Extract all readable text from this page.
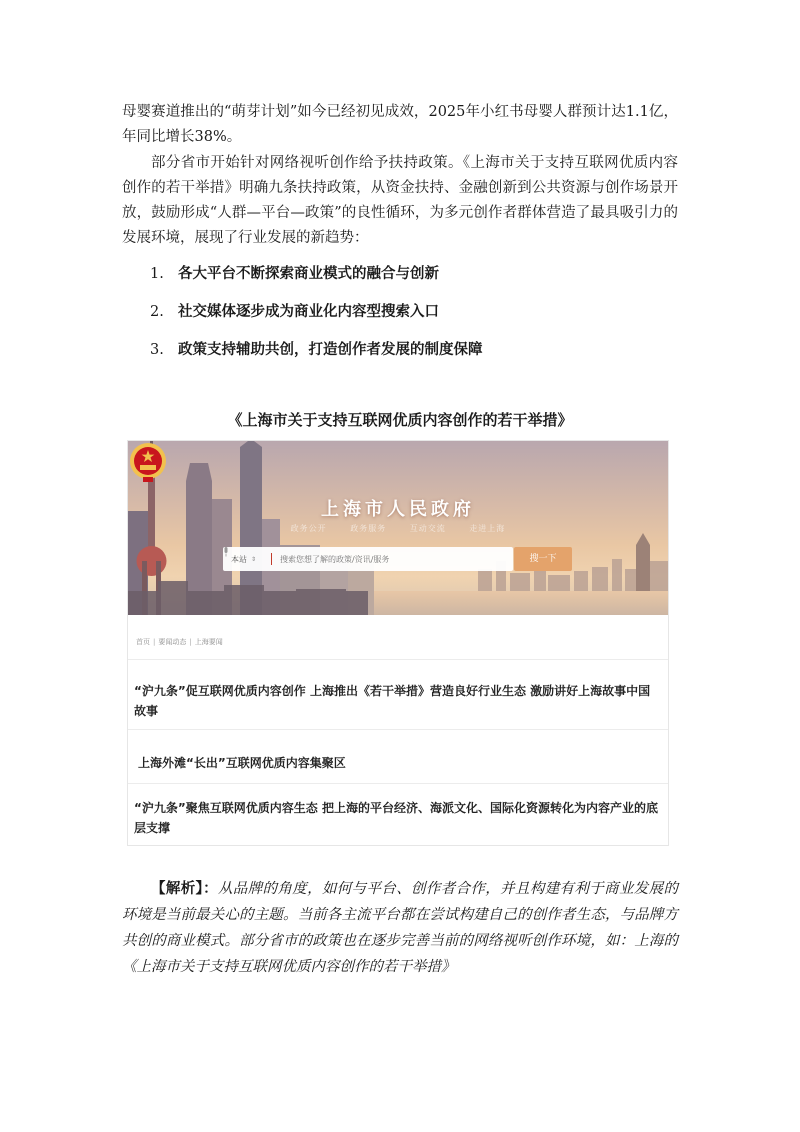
母婴赛道推出的“萌芽计划”如今已经初见成效，2025年小红书母婴人群预计达1.1亿，年同比增长38%。

部分省市开始针对网络视听创作给予扶持政策。《上海市关于支持互联网优质内容创作的若干举措》明确九条扶持政策，从资金扶持、金融创新到公共资源与创作场景开放，鼓励形成“人群—平台—政策”的良性循环，为多元创作者群体营造了最具吸引力的发展环境，展现了行业发展的新趋势：

1. 各大平台不断探索商业模式的融合与创新
2. 社交媒体逐步成为商业化内容型搜索入口
3. 政策支持辅助共创，打造创作者发展的制度保障
《上海市关于支持互联网优质内容创作的若干举措》
上海市人民政府
政务公开	政务服务	互动交流	走进上海
本站 ⇕
搜索您想了解的政策/资讯/服务	搜一下
首页 | 要闻动态 | 上海要闻
“沪九条”促互联网优质内容创作 上海推出《若干举措》营造良好行业生态 激励讲好上海故事中国故事
上海外滩“长出”互联网优质内容集聚区
“沪九条”聚焦互联网优质内容生态 把上海的平台经济、海派文化、国际化资源转化为内容产业的底层支撑

【解析】：从品牌的角度，如何与平台、创作者合作，并且构建有利于商业发展的环境是当前最关心的主题。当前各主流平台都在尝试构建自己的创作者生态，与品牌方共创的商业模式。部分省市的政策也在逐步完善当前的网络视听创作环境，如：上海的《上海市关于支持互联网优质内容创作的若干举措》
